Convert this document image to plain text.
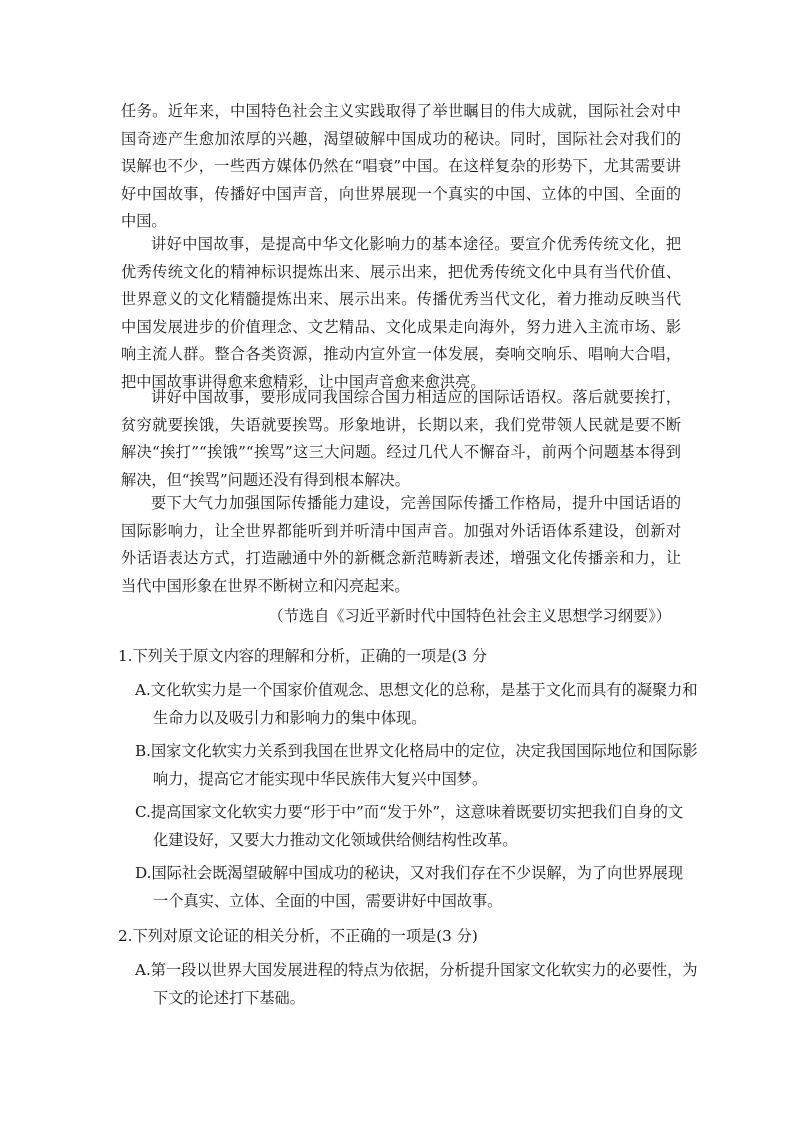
任务。近年来，中国特色社会主义实践取得了举世瞩目的伟大成就，国际社会对中国奇迹产生愈加浓厚的兴趣，渴望破解中国成功的秘诀。同时，国际社会对我们的误解也不少，一些西方媒体仍然在“唱衰”中国。在这样复杂的形势下，尤其需要讲好中国故事，传播好中国声音，向世界展现一个真实的中国、立体的中国、全面的中国。

讲好中国故事，是提高中华文化影响力的基本途径。要宣介优秀传统文化，把优秀传统文化的精神标识提炼出来、展示出来，把优秀传统文化中具有当代价值、世界意义的文化精髓提炼出来、展示出来。传播优秀当代文化，着力推动反映当代中国发展进步的价值理念、文艺精品、文化成果走向海外，努力进入主流市场、影响主流人群。整合各类资源，推动内宣外宣一体发展，奏响交响乐、唱响大合唱，把中国故事讲得愈来愈精彩，让中国声音愈来愈洪亮。

讲好中国故事，要形成同我国综合国力相适应的国际话语权。落后就要挨打，贫穷就要挨饿，失语就要挨骂。形象地讲，长期以来，我们党带领人民就是要不断解决“挨打”“挨饿”“挨骂”这三大问题。经过几代人不懈奋斗，前两个问题基本得到解决，但“挨骂”问题还没有得到根本解决。

要下大气力加强国际传播能力建设，完善国际传播工作格局，提升中国话语的国际影响力，让全世界都能听到并听清中国声音。加强对外话语体系建设，创新对外话语表达方式，打造融通中外的新概念新范畴新表述，增强文化传播亲和力，让当代中国形象在世界不断树立和闪亮起来。

（节选自《习近平新时代中国特色社会主义思想学习纲要》）

1.下列关于原文内容的理解和分析，正确的一项是(3 分

A.文化软实力是一个国家价值观念、思想文化的总称，是基于文化而具有的凝聚力和生命力以及吸引力和影响力的集中体现。

B.国家文化软实力关系到我国在世界文化格局中的定位，决定我国国际地位和国际影响力，提高它才能实现中华民族伟大复兴中国梦。

C.提高国家文化软实力要“形于中”而“发于外”，这意味着既要切实把我们自身的文化建设好，又要大力推动文化领域供给侧结构性改革。

D.国际社会既渴望破解中国成功的秘诀，又对我们存在不少误解，为了向世界展现一个真实、立体、全面的中国，需要讲好中国故事。

2.下列对原文论证的相关分析，不正确的一项是(3 分)

A.第一段以世界大国发展进程的特点为依据，分析提升国家文化软实力的必要性，为下文的论述打下基础。
